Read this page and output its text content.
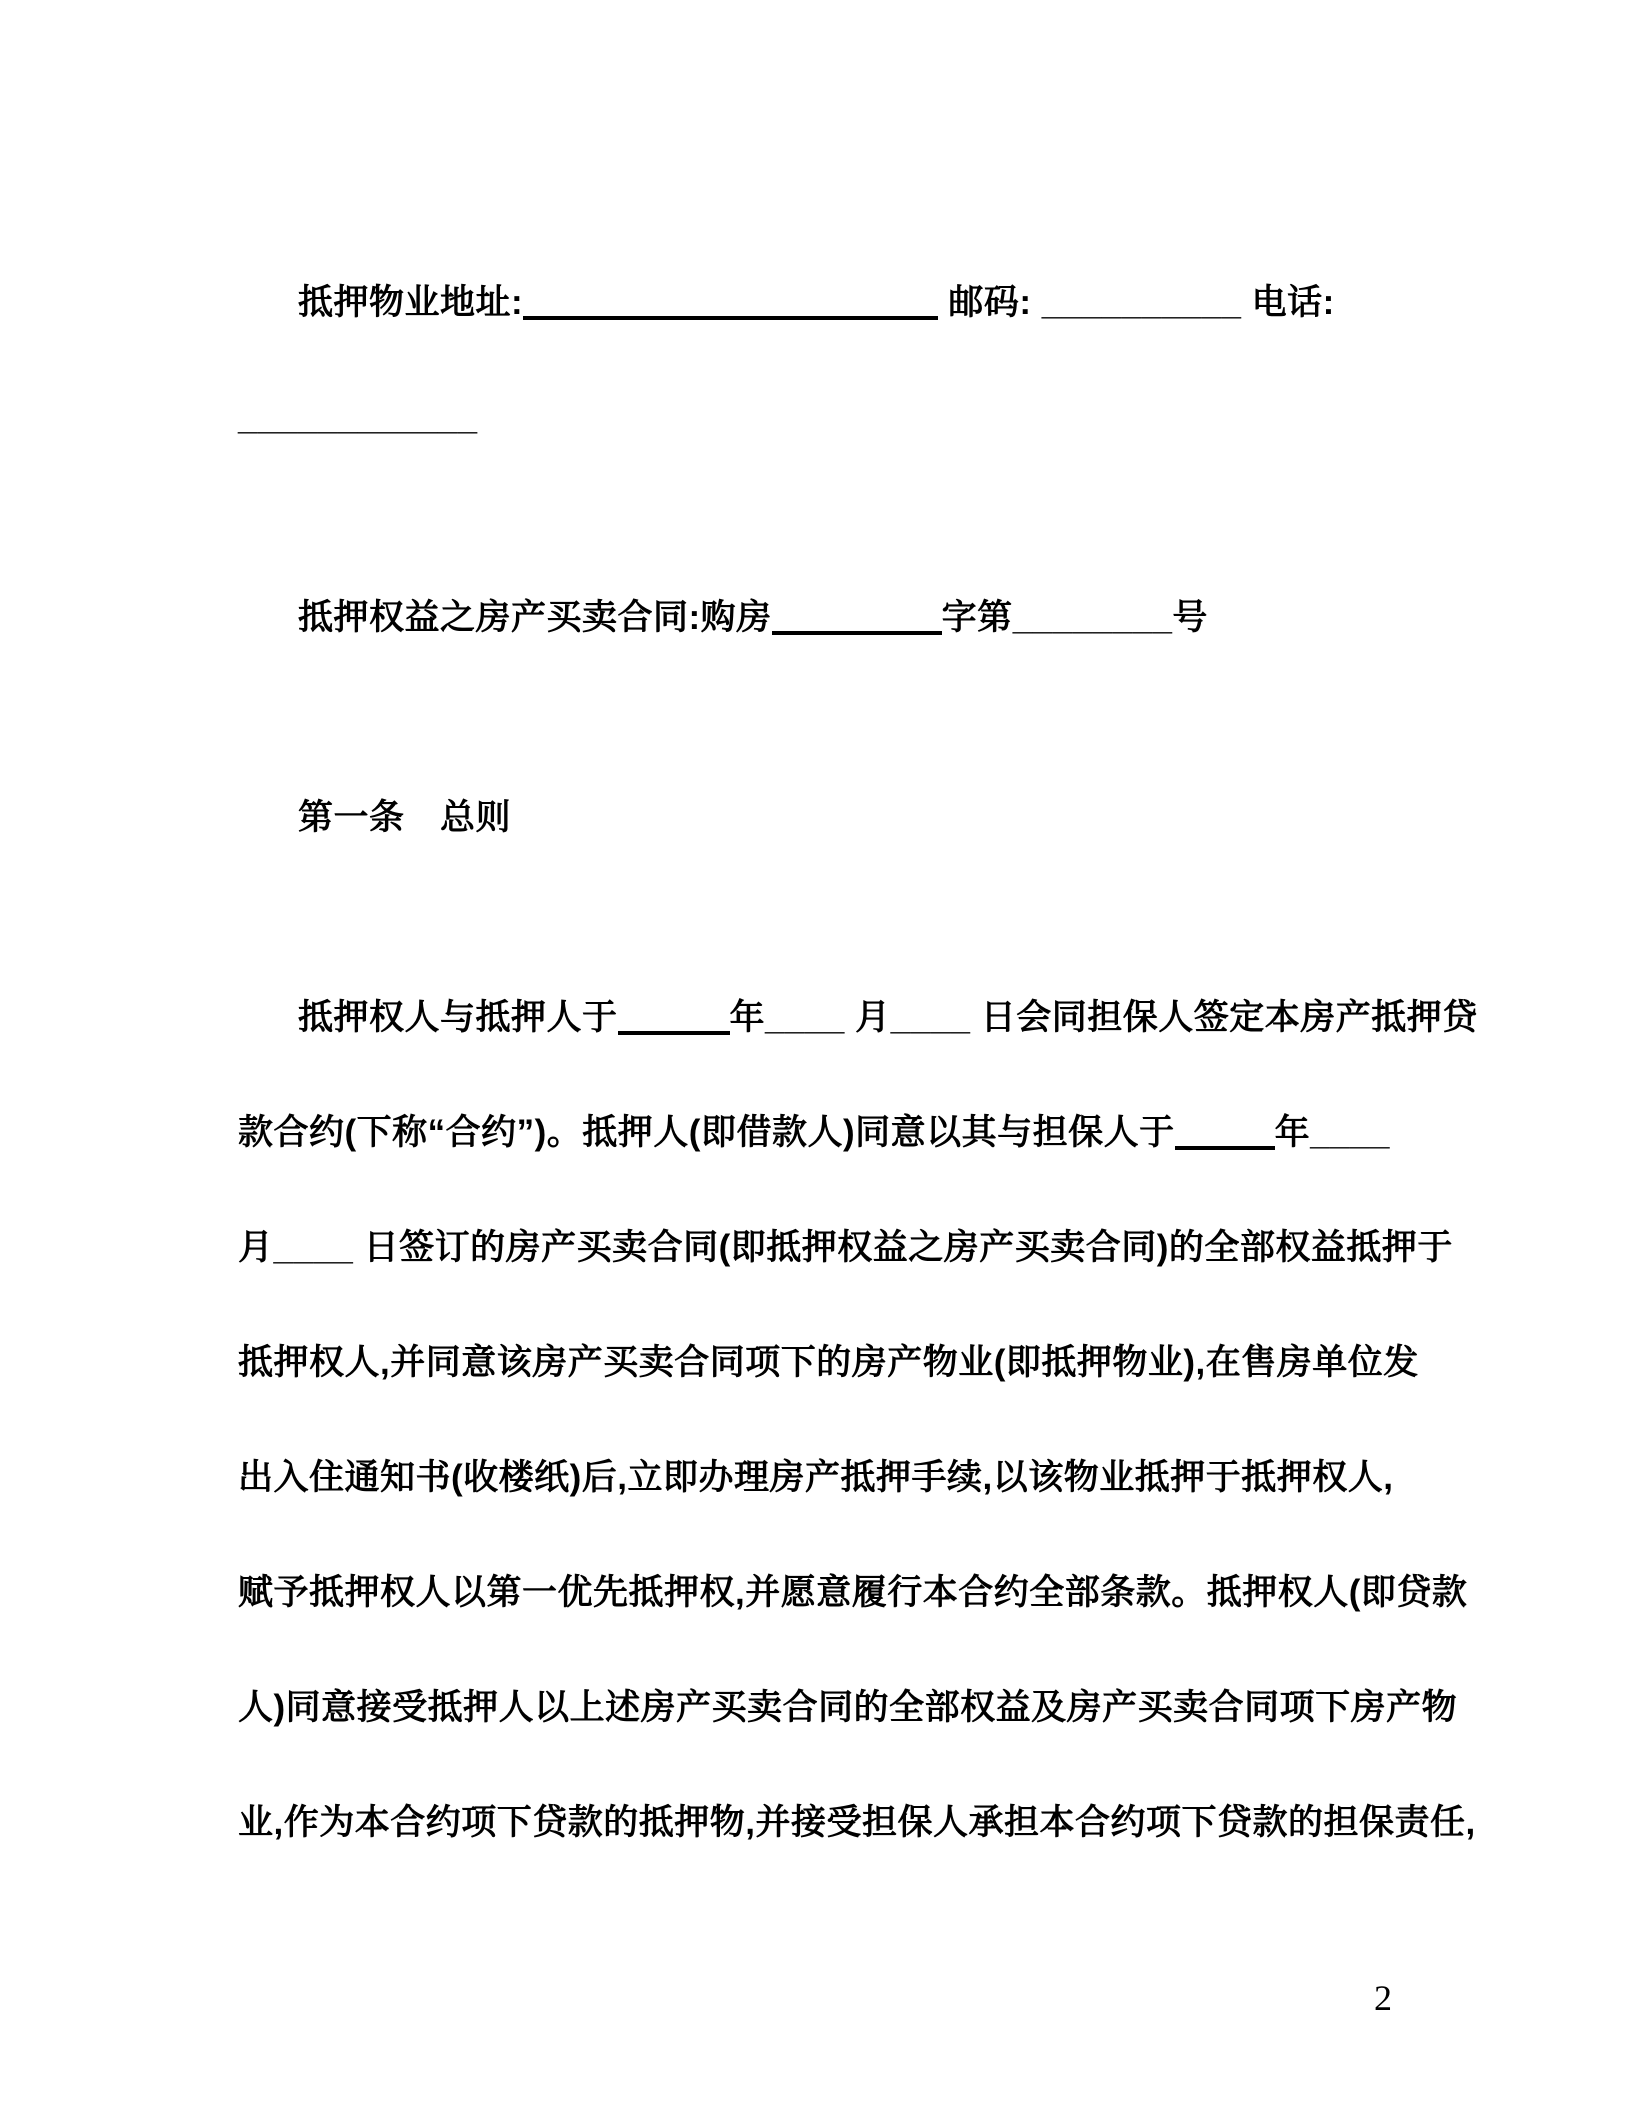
抵押物业地址:	邮码: __________ 电话:
____________
抵押权益之房产买卖合同:购房	字第________号
第一条　总则
抵押权人与抵押人于	年____ 月____ 日会同担保人签定本房产抵押贷
款合约(下称“合约”)。抵押人(即借款人)同意以其与担保人于	年____
月____ 日签订的房产买卖合同(即抵押权益之房产买卖合同)的全部权益抵押于
抵押权人,并同意该房产买卖合同项下的房产物业(即抵押物业),在售房单位发
出入住通知书(收楼纸)后,立即办理房产抵押手续,以该物业抵押于抵押权人,
赋予抵押权人以第一优先抵押权,并愿意履行本合约全部条款。抵押权人(即贷款
人)同意接受抵押人以上述房产买卖合同的全部权益及房产买卖合同项下房产物
业,作为本合约项下贷款的抵押物,并接受担保人承担本合约项下贷款的担保责任,
2
